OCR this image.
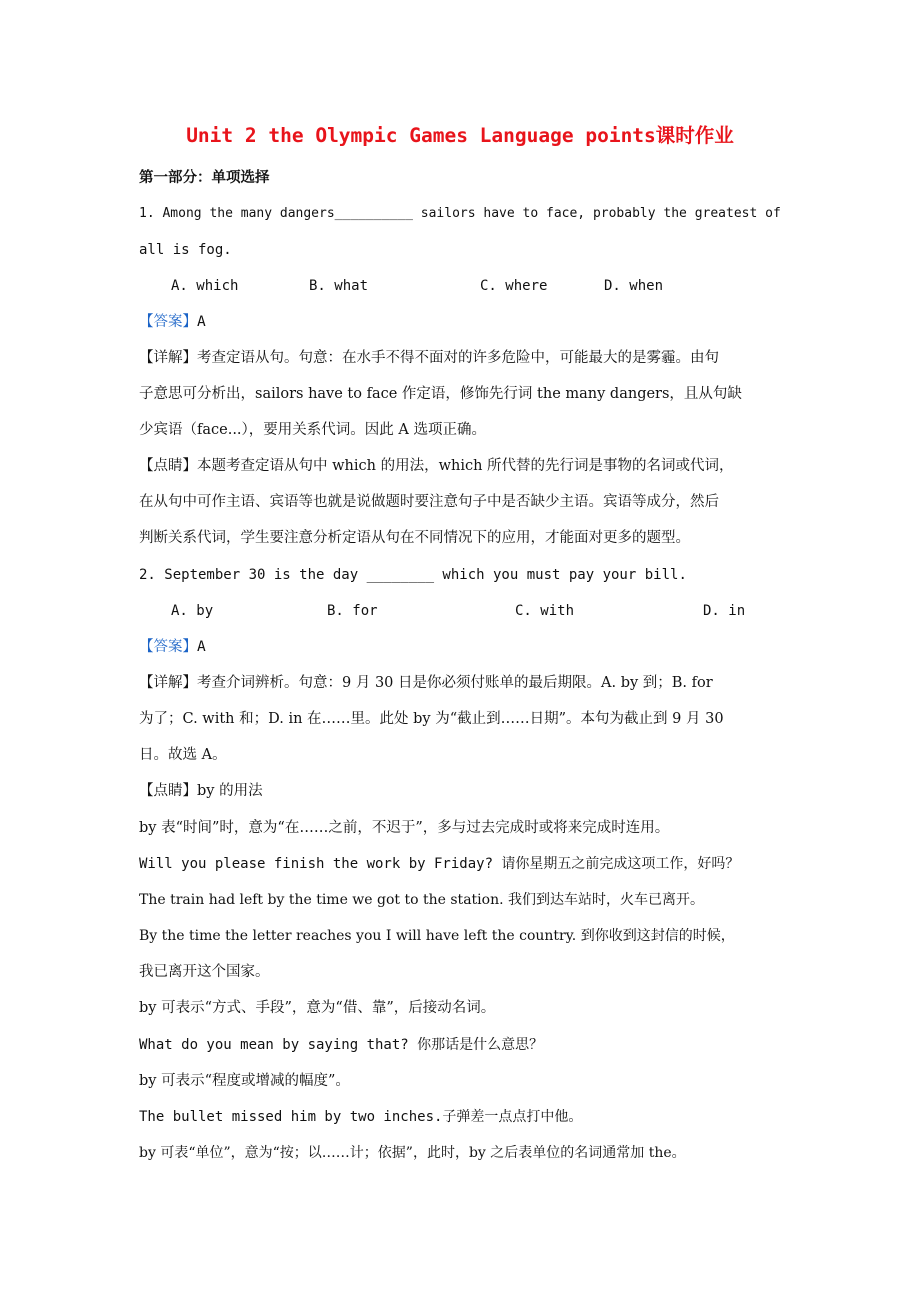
Unit 2 the Olympic Games Language points课时作业
第一部分：单项选择
1. Among the many dangers__________ sailors have to face, probably the greatest of
all is fog.
A. which	B. what	C. where	D. when
【答案】A
【详解】考查定语从句。句意：在水手不得不面对的许多危险中，可能最大的是雾霾。由句
子意思可分析出，sailors have to face 作定语，修饰先行词 the many dangers，且从句缺
少宾语（face...），要用关系代词。因此 A 选项正确。
【点睛】本题考查定语从句中 which 的用法，which 所代替的先行词是事物的名词或代词，
在从句中可作主语、宾语等也就是说做题时要注意句子中是否缺少主语。宾语等成分，然后
判断关系代词，学生要注意分析定语从句在不同情况下的应用，才能面对更多的题型。
2. September 30 is the day ________ which you must pay your bill.
A. by	B. for	C. with	D. in
【答案】A
【详解】考查介词辨析。句意：9 月 30 日是你必须付账单的最后期限。A. by 到；B. for
为了；C. with 和；D. in 在……里。此处 by 为“截止到……日期”。本句为截止到 9 月 30
日。故选 A。
【点睛】by 的用法
by 表“时间”时，意为“在……之前，不迟于”，多与过去完成时或将来完成时连用。
Will you please finish the work by Friday? 请你星期五之前完成这项工作，好吗？
The train had left by the time we got to the station. 我们到达车站时，火车已离开。
By the time the letter reaches you I will have left the country. 到你收到这封信的时候，
我已离开这个国家。
by 可表示“方式、手段”，意为“借、靠”，后接动名词。
What do you mean by saying that? 你那话是什么意思？
by 可表示“程度或增减的幅度”。
The bullet missed him by two inches.子弹差一点点打中他。
by 可表“单位”，意为“按；以……计；依据”，此时，by 之后表单位的名词通常加 the。
